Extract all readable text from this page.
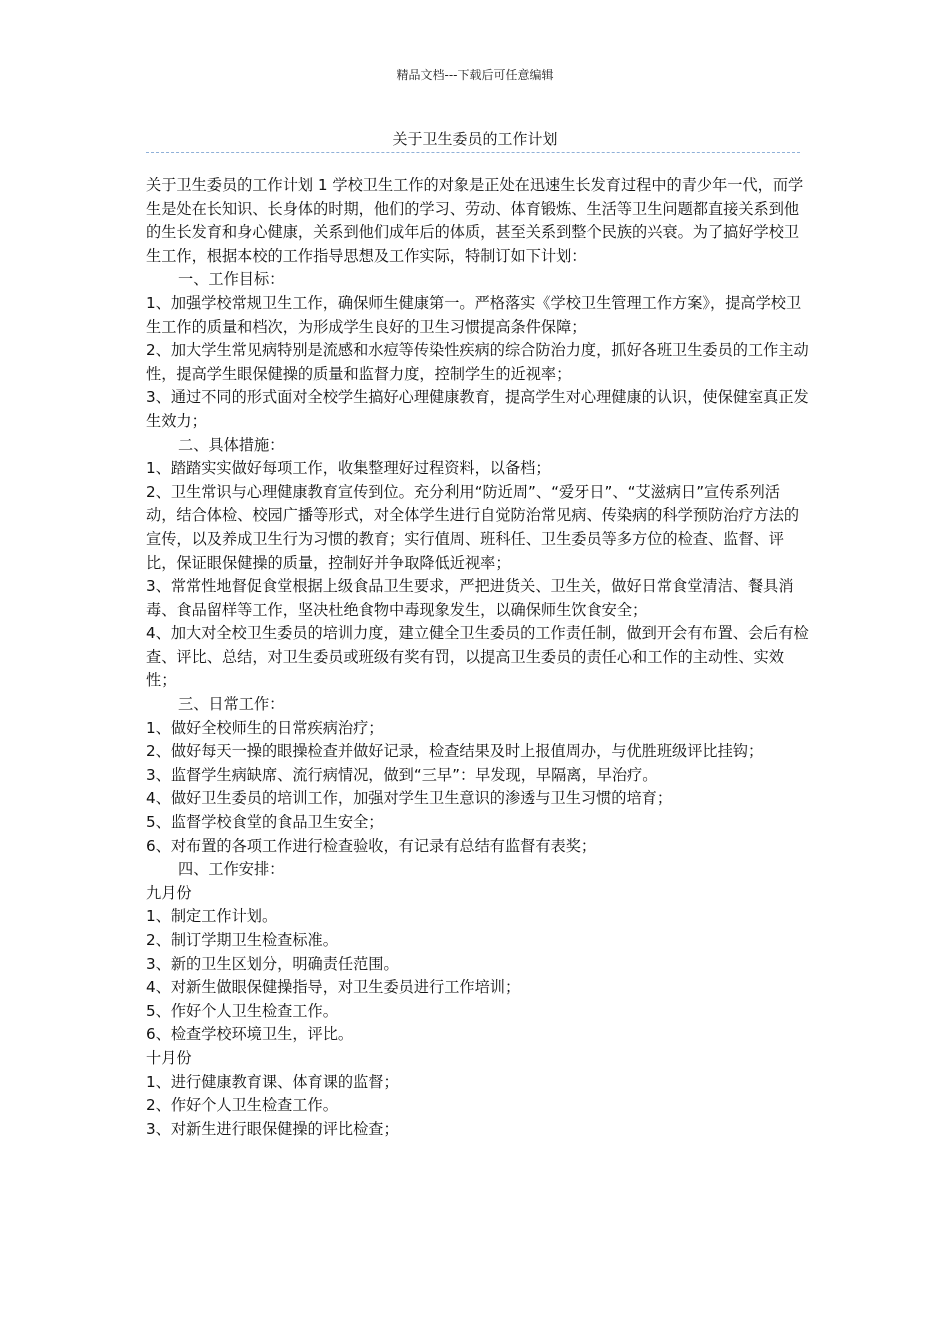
精品文档---下载后可任意编辑
关于卫生委员的工作计划

关于卫生委员的工作计划 1 学校卫生工作的对象是正处在迅速生长发育过程中的青少年一代，而学生是处在长知识、长身体的时期，他们的学习、劳动、体育锻炼、生活等卫生问题都直接关系到他的生长发育和身心健康，关系到他们成年后的体质，甚至关系到整个民族的兴衰。为了搞好学校卫生工作，根据本校的工作指导思想及工作实际，特制订如下计划：

一、工作目标：

1、加强学校常规卫生工作，确保师生健康第一。严格落实《学校卫生管理工作方案》，提高学校卫生工作的质量和档次，为形成学生良好的卫生习惯提高条件保障；

2、加大学生常见病特别是流感和水痘等传染性疾病的综合防治力度，抓好各班卫生委员的工作主动性，提高学生眼保健操的质量和监督力度，控制学生的近视率；

3、通过不同的形式面对全校学生搞好心理健康教育，提高学生对心理健康的认识，使保健室真正发生效力；

二、具体措施：

1、踏踏实实做好每项工作，收集整理好过程资料，以备档；

2、卫生常识与心理健康教育宣传到位。充分利用“防近周”、“爱牙日”、“艾滋病日”宣传系列活动，结合体检、校园广播等形式，对全体学生进行自觉防治常见病、传染病的科学预防治疗方法的宣传，以及养成卫生行为习惯的教育；实行值周、班科任、卫生委员等多方位的检查、监督、评比，保证眼保健操的质量，控制好并争取降低近视率；

3、常常性地督促食堂根据上级食品卫生要求，严把进货关、卫生关，做好日常食堂清洁、餐具消毒、食品留样等工作，坚决杜绝食物中毒现象发生，以确保师生饮食安全；

4、加大对全校卫生委员的培训力度，建立健全卫生委员的工作责任制，做到开会有布置、会后有检查、评比、总结，对卫生委员或班级有奖有罚，以提高卫生委员的责任心和工作的主动性、实效性；

三、日常工作：

1、做好全校师生的日常疾病治疗；

2、做好每天一操的眼操检查并做好记录，检查结果及时上报值周办，与优胜班级评比挂钩；

3、监督学生病缺席、流行病情况，做到“三早”：早发现，早隔离，早治疗。

4、做好卫生委员的培训工作，加强对学生卫生意识的渗透与卫生习惯的培育；

5、监督学校食堂的食品卫生安全；

6、对布置的各项工作进行检查验收，有记录有总结有监督有表奖；

四、工作安排：

九月份

1、制定工作计划。

2、制订学期卫生检查标准。

3、新的卫生区划分，明确责任范围。

4、对新生做眼保健操指导，对卫生委员进行工作培训；

5、作好个人卫生检查工作。

6、检查学校环境卫生，评比。

十月份

1、进行健康教育课、体育课的监督；

2、作好个人卫生检查工作。

3、对新生进行眼保健操的评比检查；
